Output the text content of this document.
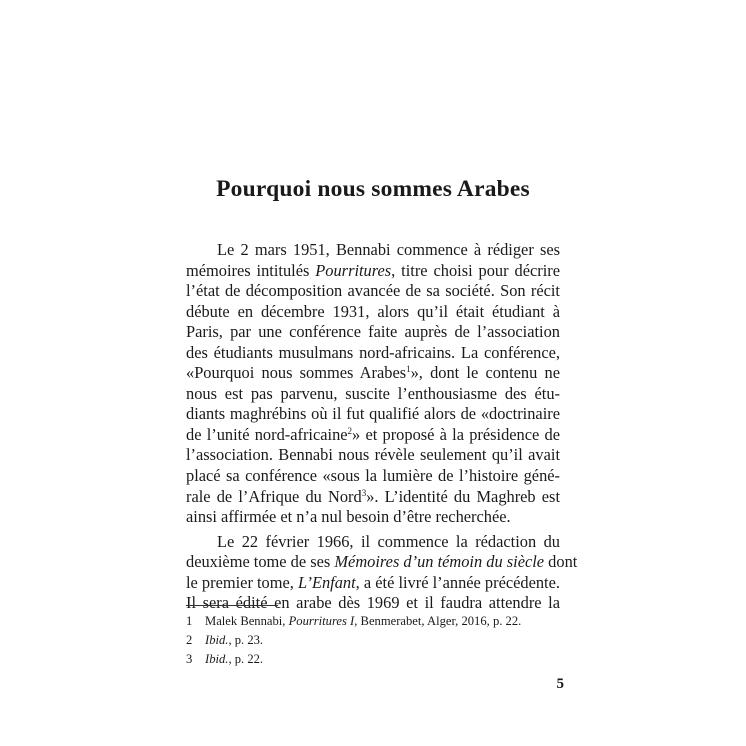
Pourquoi nous sommes Arabes
Le 2 mars 1951, Bennabi commence à rédiger ses
mémoires intitulés Pourritures, titre choisi pour décrire
l’état de décomposition avancée de sa société. Son récit
débute en décembre 1931, alors qu’il était étudiant à
Paris, par une conférence faite auprès de l’association
des étudiants musulmans nord-africains. La conférence,
«Pourquoi nous sommes Arabes$^1$», dont le contenu ne
nous est pas parvenu, suscite l’enthousiasme des étu-
diants maghrébins où il fut qualifié alors de «doctrinaire
de l’unité nord-africaine$^2$» et proposé à la présidence de
l’association. Bennabi nous révèle seulement qu’il avait
placé sa conférence «sous la lumière de l’histoire géné-
rale de l’Afrique du Nord$^3$». L’identité du Maghreb est
ainsi affirmée et n’a nul besoin d’être recherchée.
Le 22 février 1966, il commence la rédaction du
deuxième tome de ses Mémoires d’un témoin du siècle dont
le premier tome, L’Enfant, a été livré l’année précédente.
Il sera édité en arabe dès 1969 et il faudra attendre la
1 Malek Bennabi, Pourritures I, Benmerabet, Alger, 2016, p. 22.
2 Ibid., p. 23.
3 Ibid., p. 22.

5
